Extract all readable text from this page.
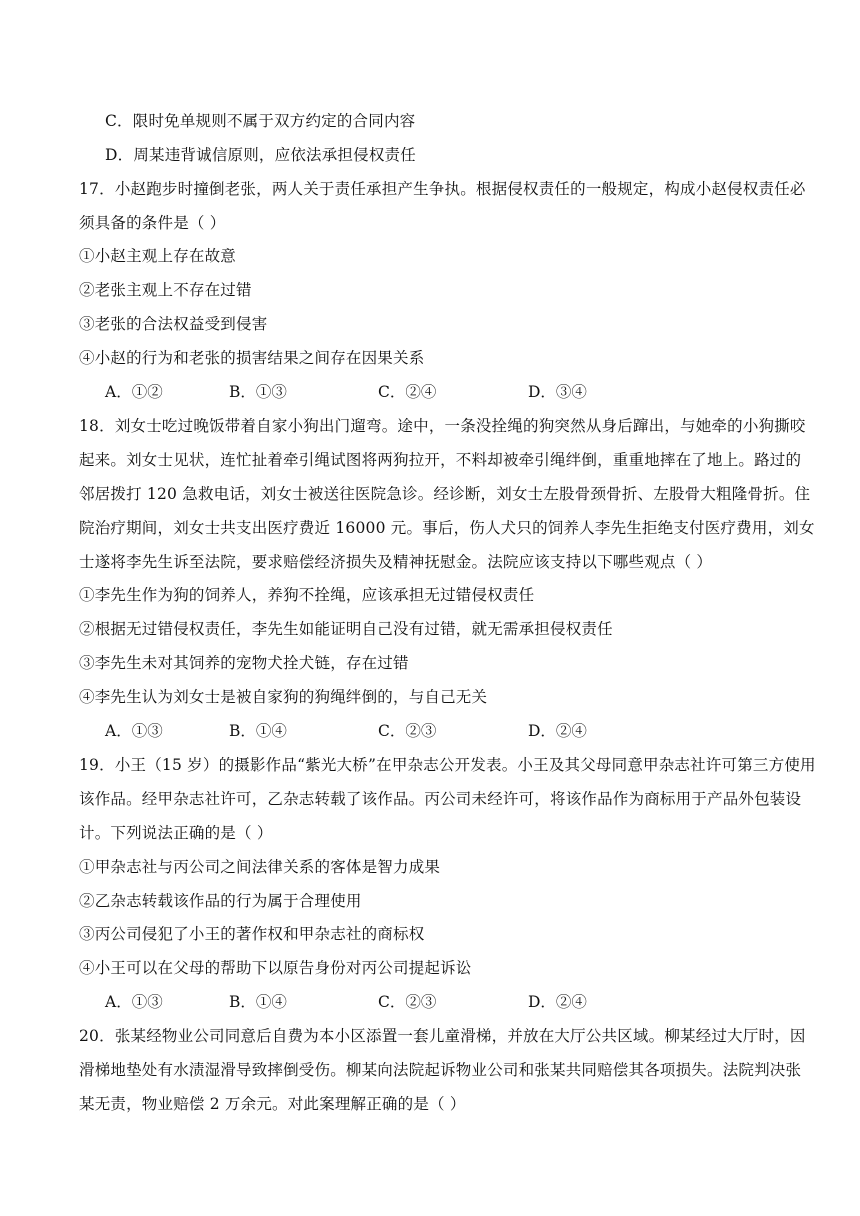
C．限时免单规则不属于双方约定的合同内容
D．周某违背诚信原则，应依法承担侵权责任
17．小赵跑步时撞倒老张，两人关于责任承担产生争执。根据侵权责任的一般规定，构成小赵侵权责任必
须具备的条件是（ ）
①小赵主观上存在故意
②老张主观上不存在过错
③老张的合法权益受到侵害
④小赵的行为和老张的损害结果之间存在因果关系
A．①②	B．①③	C．②④	D．③④
18．刘女士吃过晚饭带着自家小狗出门遛弯。途中，一条没拴绳的狗突然从身后蹿出，与她牵的小狗撕咬
起来。刘女士见状，连忙扯着牵引绳试图将两狗拉开，不料却被牵引绳绊倒，重重地摔在了地上。路过的
邻居拨打 120 急救电话，刘女士被送往医院急诊。经诊断，刘女士左股骨颈骨折、左股骨大粗隆骨折。住
院治疗期间，刘女士共支出医疗费近 16000 元。事后，伤人犬只的饲养人李先生拒绝支付医疗费用，刘女
士遂将李先生诉至法院，要求赔偿经济损失及精神抚慰金。法院应该支持以下哪些观点（ ）
①李先生作为狗的饲养人，养狗不拴绳，应该承担无过错侵权责任
②根据无过错侵权责任，李先生如能证明自己没有过错，就无需承担侵权责任
③李先生未对其饲养的宠物犬拴犬链，存在过错
④李先生认为刘女士是被自家狗的狗绳绊倒的，与自己无关
A．①③	B．①④	C．②③	D．②④
19．小王（15 岁）的摄影作品“紫光大桥”在甲杂志公开发表。小王及其父母同意甲杂志社许可第三方使用
该作品。经甲杂志社许可，乙杂志转载了该作品。丙公司未经许可，将该作品作为商标用于产品外包装设
计。下列说法正确的是（ ）
①甲杂志社与丙公司之间法律关系的客体是智力成果
②乙杂志转载该作品的行为属于合理使用
③丙公司侵犯了小王的著作权和甲杂志社的商标权
④小王可以在父母的帮助下以原告身份对丙公司提起诉讼
A．①③	B．①④	C．②③	D．②④
20．张某经物业公司同意后自费为本小区添置一套儿童滑梯，并放在大厅公共区域。柳某经过大厅时，因
滑梯地垫处有水渍湿滑导致摔倒受伤。柳某向法院起诉物业公司和张某共同赔偿其各项损失。法院判决张
某无责，物业赔偿 2 万余元。对此案理解正确的是（ ）
